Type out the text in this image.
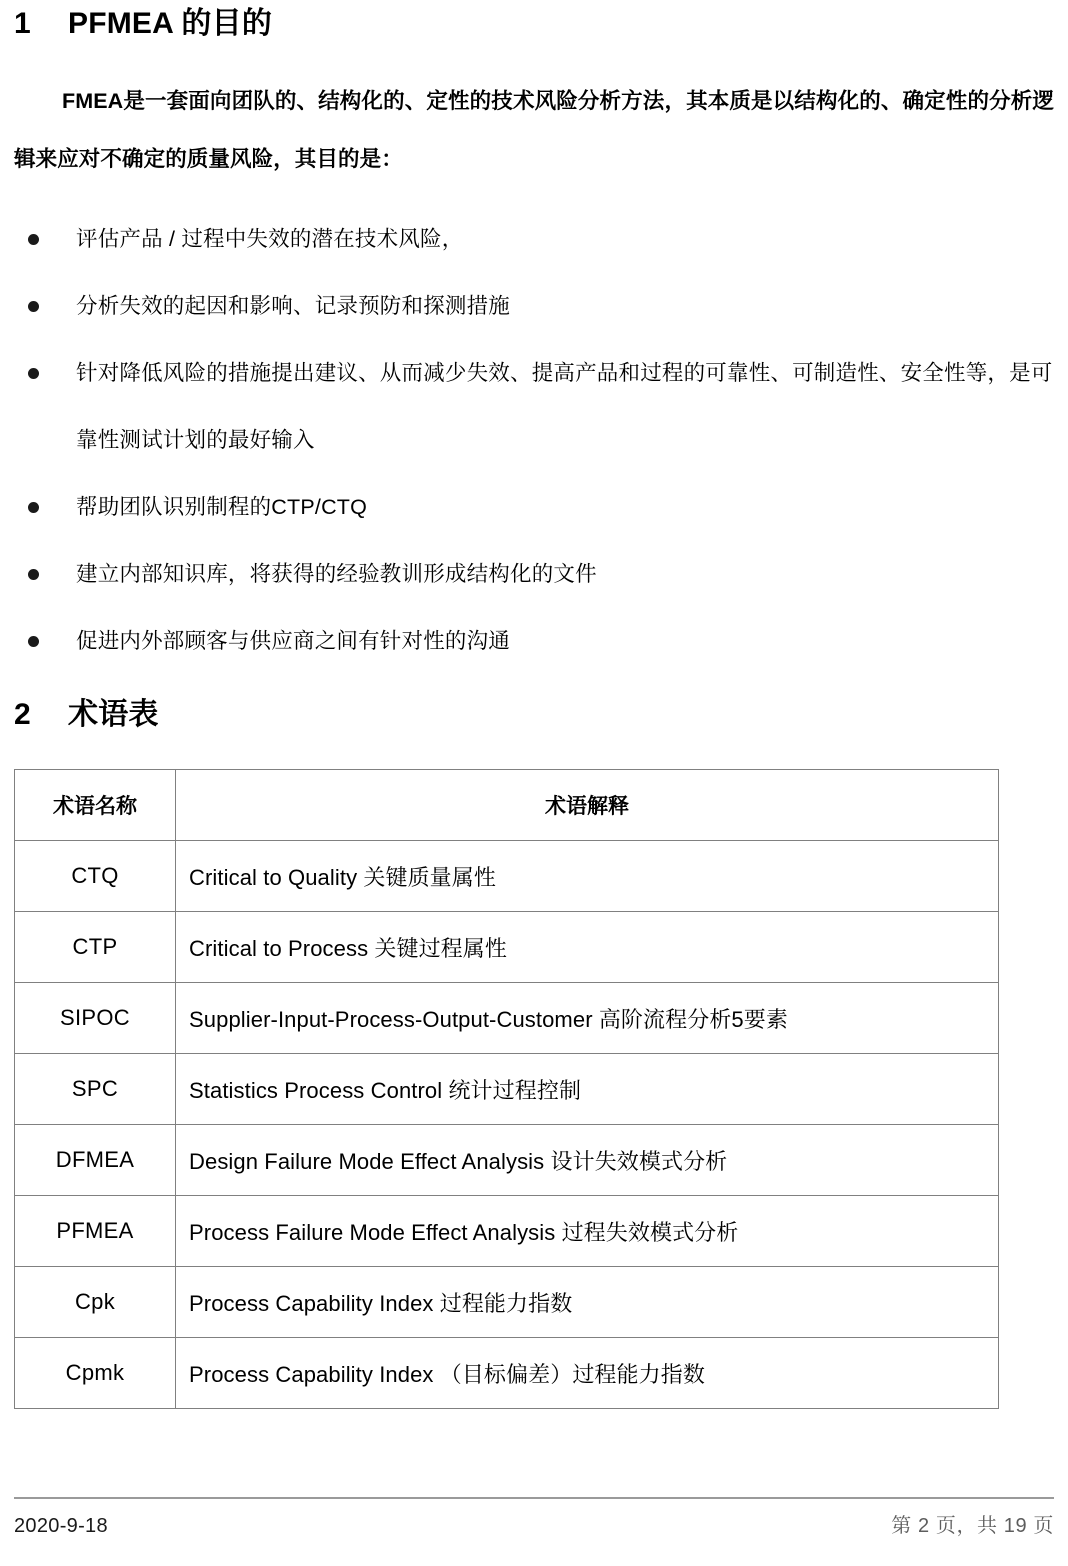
1	PFMEA 的目的

FMEA是一套面向团队的、结构化的、定性的技术风险分析方法，其本质是以结构化的、确定性的分析逻辑来应对不确定的质量风险，其目的是：

评估产品 / 过程中失效的潜在技术风险，
分析失效的起因和影响、记录预防和探测措施
针对降低风险的措施提出建议、从而减少失效、提高产品和过程的可靠性、可制造性、安全性等，是可靠性测试计划的最好输入
帮助团队识别制程的CTP/CTQ
建立内部知识库，将获得的经验教训形成结构化的文件
促进内外部顾客与供应商之间有针对性的沟通
2	术语表
术语名称	术语解释
CTQ	Critical to Quality 关键质量属性
CTP	Critical to Process 关键过程属性
SIPOC	Supplier-Input-Process-Output-Customer 高阶流程分析5要素
SPC	Statistics Process Control 统计过程控制
DFMEA	Design Failure Mode Effect Analysis 设计失效模式分析
PFMEA	Process Failure Mode Effect Analysis 过程失效模式分析
Cpk	Process Capability Index 过程能力指数
Cpmk	Process Capability Index （目标偏差）过程能力指数
2020-9-18	第 2 页，共 19 页
